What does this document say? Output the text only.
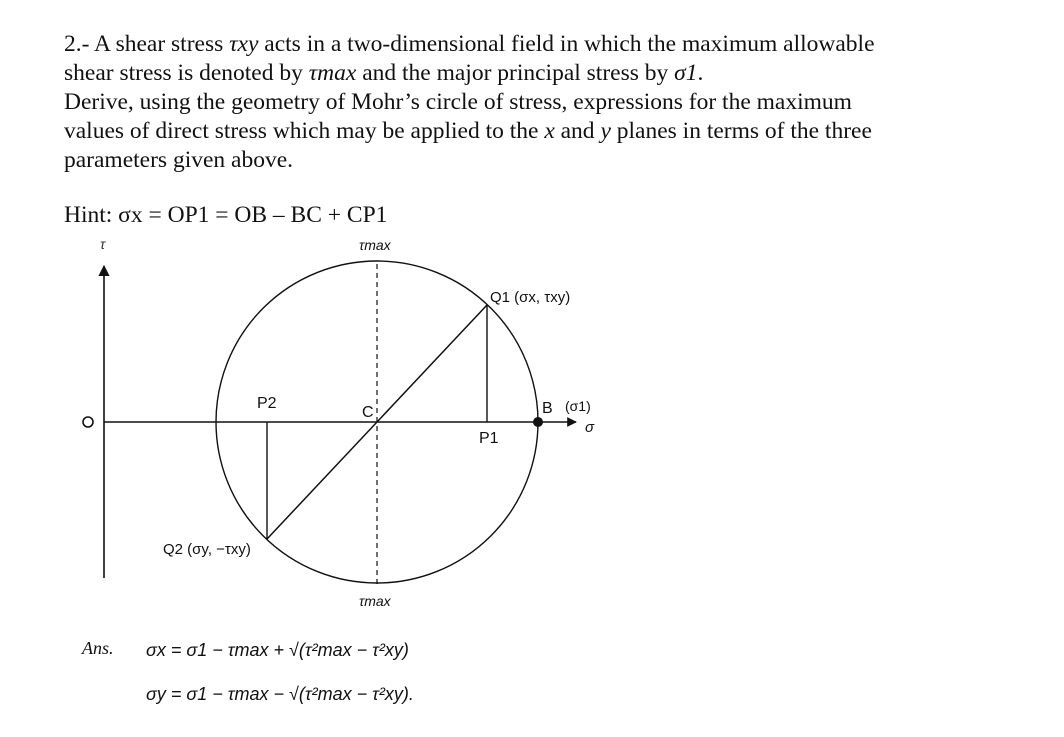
2.- A shear stress τxy acts in a two-dimensional field in which the maximum allowable
shear stress is denoted by τmax and the major principal stress by σ1.
Derive, using the geometry of Mohr’s circle of stress, expressions for the maximum
values of direct stress which may be applied to the x and y planes in terms of the three
parameters given above.
Hint: σx = OP1 = OB – BC + CP1
τ
σ
τmax
τmax
O	C
P1
P2
Q1 (σx, τxy)
Q2 (σy, −τxy)
B (σ1)
Ans. σx = σ1 − τmax + √(τ²max − τ²xy)
σy = σ1 − τmax − √(τ²max − τ²xy).
